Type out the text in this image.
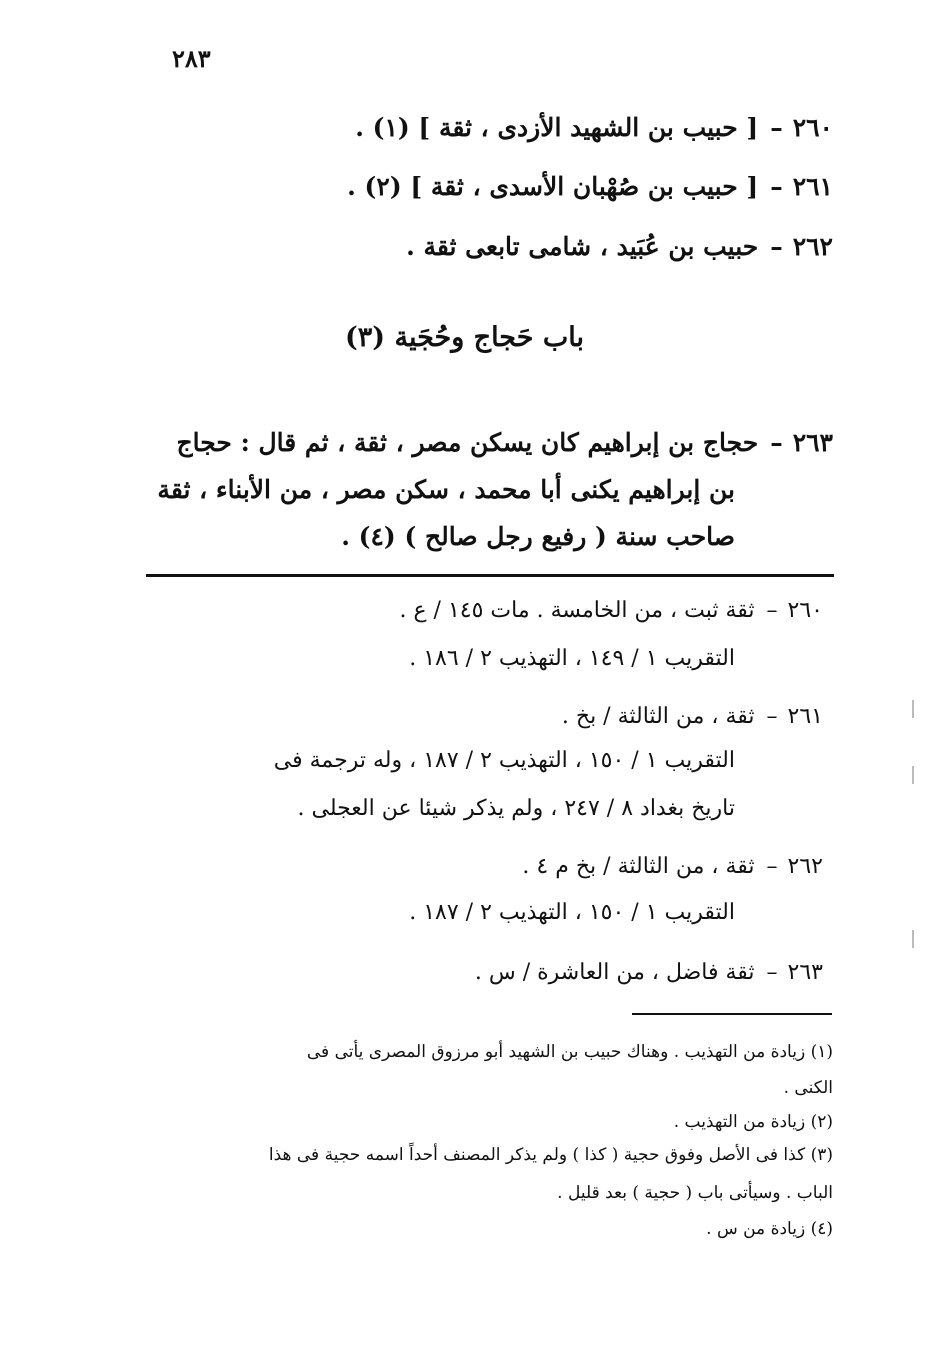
٢٨٣
٢٦٠–[ حبيب بن الشهيد الأزدى ، ثقة ] (١) .
٢٦١–[ حبيب بن صُهْبان الأسدى ، ثقة ] (٢) .
٢٦٢–حبيب بن عُبَيد ، شامى تابعى ثقة .
باب حَجاج وحُجَية (٣)
٢٦٣–حجاج بن إبراهيم كان يسكن مصر ، ثقة ، ثم قال : حجاج
بن إبراهيم يكنى أبا محمد ، سكن مصر ، من الأبناء ، ثقة
صاحب سنة ( رفيع رجل صالح ) (٤) .
٢٦٠–ثقة ثبت ، من الخامسة . مات ١٤٥ / ع .
التقريب ١ / ١٤٩ ، التهذيب ٢ / ١٨٦ .
٢٦١–ثقة ، من الثالثة / بخ .
التقريب ١ / ١٥٠ ، التهذيب ٢ / ١٨٧ ، وله ترجمة فى
تاريخ بغداد ٨ / ٢٤٧ ، ولم يذكر شيئا عن العجلى .
٢٦٢–ثقة ، من الثالثة / بخ م ٤ .
التقريب ١ / ١٥٠ ، التهذيب ٢ / ١٨٧ .
٢٦٣–ثقة فاضل ، من العاشرة / س .
(١) زيادة من التهذيب . وهناك حبيب بن الشهيد أبو مرزوق المصرى يأتى فى
الكنى .
(٢) زيادة من التهذيب .
(٣) كذا فى الأصل وفوق حجية ( كذا ) ولم يذكر المصنف أحداً اسمه حجية فى هذا
الباب . وسيأتى باب ( حجية ) بعد قليل .
(٤) زيادة من س .
